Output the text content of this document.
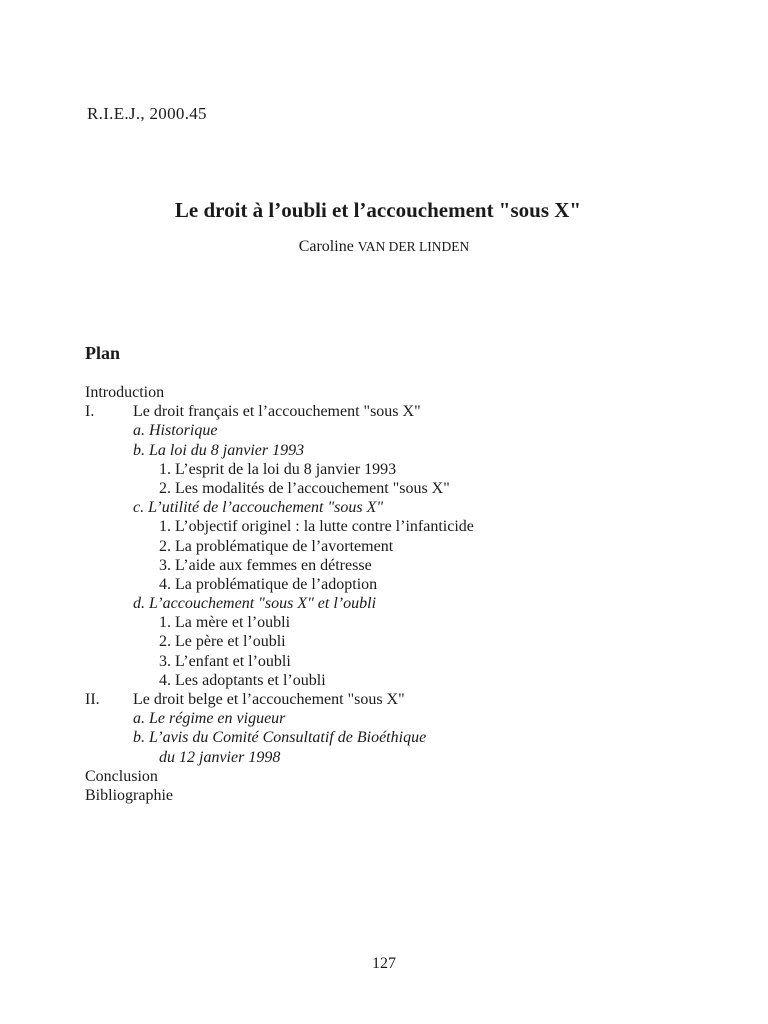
R.I.E.J., 2000.45
Le droit à l’oubli et l’accouchement "sous X"
Caroline VAN DER LINDEN
Plan
Introduction
I. Le droit français et l’accouchement "sous X"
a. Historique
b. La loi du 8 janvier 1993
1. L’esprit de la loi du 8 janvier 1993
2. Les modalités de l’accouchement "sous X"
c. L’utilité de l’accouchement "sous X"
1. L’objectif originel : la lutte contre l’infanticide
2. La problématique de l’avortement
3. L’aide aux femmes en détresse
4. La problématique de l’adoption
d. L’accouchement "sous X" et l’oubli
1. La mère et l’oubli
2. Le père et l’oubli
3. L’enfant et l’oubli
4. Les adoptants et l’oubli
II. Le droit belge et l’accouchement "sous X"
a. Le régime en vigueur
b. L’avis du Comité Consultatif de Bioéthique
du 12 janvier 1998
Conclusion
Bibliographie
127
